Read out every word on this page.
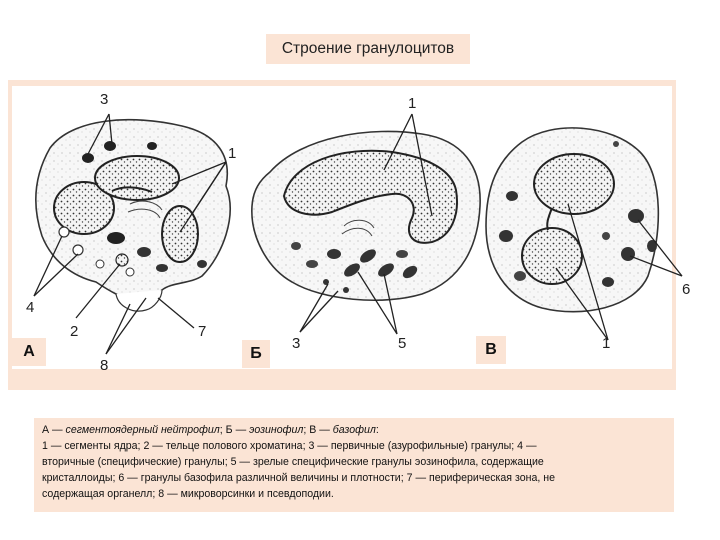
Строение гранулоцитов
3
1
4
2	7
8
1
3	5
6
1
А	Б	В
А — сегментоядерный нейтрофил; Б — эозинофил; В — базофил:
1 — сегменты ядра; 2 — тельце полового хроматина; 3 — первичные (азурофильные) гранулы; 4 —
вторичные (специфические) гранулы; 5 — зрелые специфические гранулы эозинофила, содержащие
кристаллоиды; 6 — гранулы базофила различной величины и плотности; 7 — периферическая зона, не
содержащая органелл; 8 — микроворсинки и псевдоподии.
